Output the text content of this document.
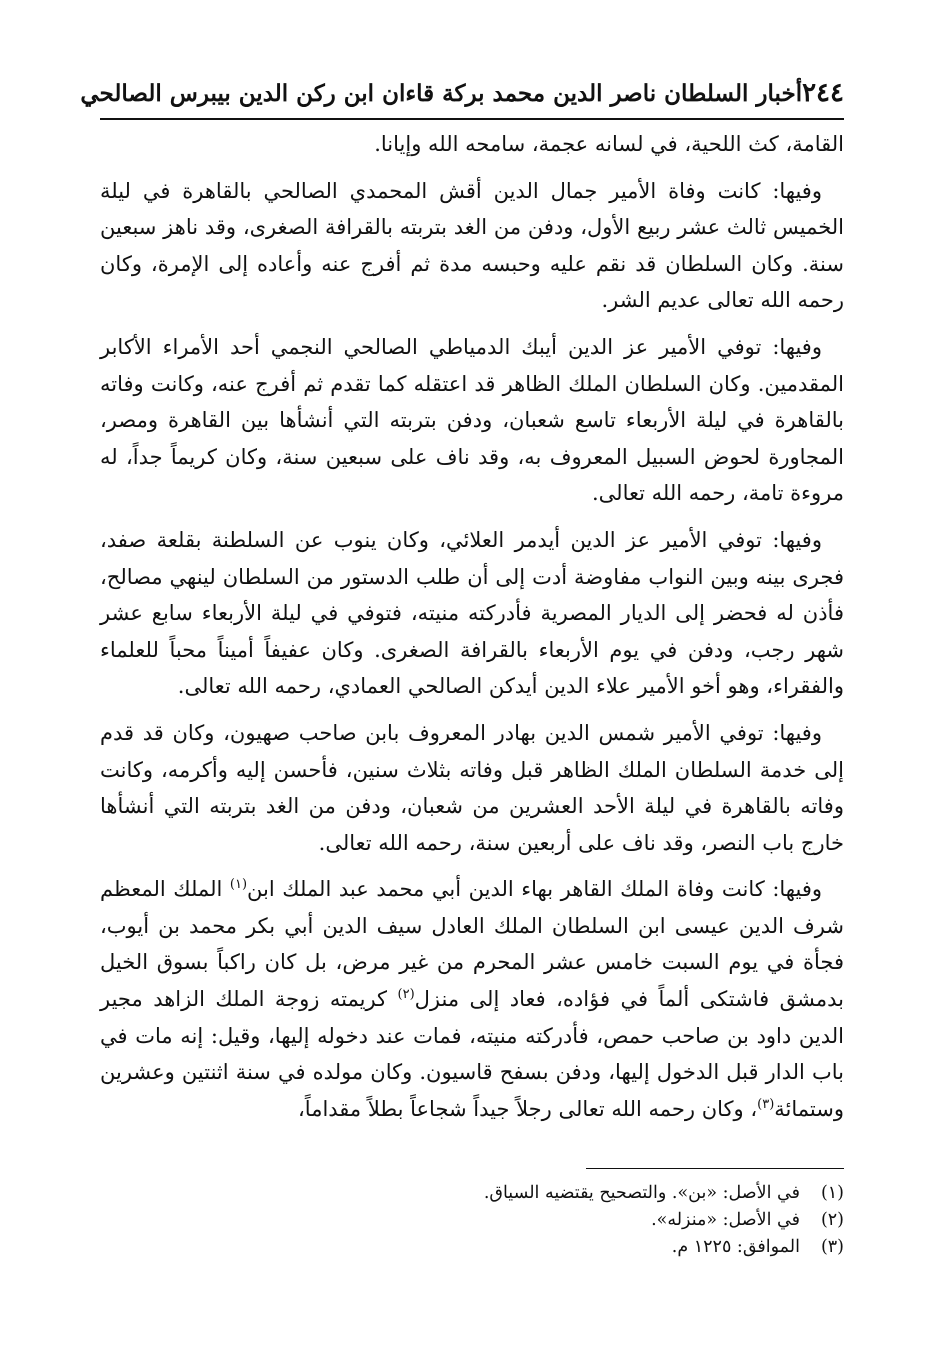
٢٤٤
أخبار السلطان ناصر الدين محمد بركة قاءان ابن ركن الدين بيبرس الصالحي

القامة، كث اللحية، في لسانه عجمة، سامحه الله وإيانا.

وفيها: كانت وفاة الأمير جمال الدين أقش المحمدي الصالحي بالقاهرة في ليلة الخميس ثالث عشر ربيع الأول، ودفن من الغد بتربته بالقرافة الصغرى، وقد ناهز سبعين سنة. وكان السلطان قد نقم عليه وحبسه مدة ثم أفرج عنه وأعاده إلى الإمرة، وكان رحمه الله تعالى عديم الشر.

وفيها: توفي الأمير عز الدين أيبك الدمياطي الصالحي النجمي أحد الأمراء الأكابر المقدمين. وكان السلطان الملك الظاهر قد اعتقله كما تقدم ثم أفرج عنه، وكانت وفاته بالقاهرة في ليلة الأربعاء تاسع شعبان، ودفن بتربته التي أنشأها بين القاهرة ومصر، المجاورة لحوض السبيل المعروف به، وقد ناف على سبعين سنة، وكان كريماً جداً، له مروءة تامة، رحمه الله تعالى.

وفيها: توفي الأمير عز الدين أيدمر العلائي، وكان ينوب عن السلطنة بقلعة صفد، فجرى بينه وبين النواب مفاوضة أدت إلى أن طلب الدستور من السلطان لينهي مصالح، فأذن له فحضر إلى الديار المصرية فأدركته منيته، فتوفي في ليلة الأربعاء سابع عشر شهر رجب، ودفن في يوم الأربعاء بالقرافة الصغرى. وكان عفيفاً أميناً محباً للعلماء والفقراء، وهو أخو الأمير علاء الدين أيدكن الصالحي العمادي، رحمه الله تعالى.

وفيها: توفي الأمير شمس الدين بهادر المعروف بابن صاحب صهيون، وكان قد قدم إلى خدمة السلطان الملك الظاهر قبل وفاته بثلاث سنين، فأحسن إليه وأكرمه، وكانت وفاته بالقاهرة في ليلة الأحد العشرين من شعبان، ودفن من الغد بتربته التي أنشأها خارج باب النصر، وقد ناف على أربعين سنة، رحمه الله تعالى.

وفيها: كانت وفاة الملك القاهر بهاء الدين أبي محمد عبد الملك ابن$^{(١)}$ الملك المعظم شرف الدين عيسى ابن السلطان الملك العادل سيف الدين أبي بكر محمد بن أيوب، فجأة في يوم السبت خامس عشر المحرم من غير مرض، بل كان راكباً بسوق الخيل بدمشق فاشتكى ألماً في فؤاده، فعاد إلى منزل$^{(٢)}$ كريمته زوجة الملك الزاهد مجير الدين داود بن صاحب حمص، فأدركته منيته، فمات عند دخوله إليها، وقيل: إنه مات في باب الدار قبل الدخول إليها، ودفن بسفح قاسيون. وكان مولده في سنة اثنتين وعشرين وستمائة$^{(٣)}$، وكان رحمه الله تعالى رجلاً جيداً شجاعاً بطلاً مقداماً،

(١)
في الأصل: «بن». والتصحيح يقتضيه السياق.
(٢)
في الأصل: «منزله».
(٣)
الموافق: ١٢٢٥ م.
